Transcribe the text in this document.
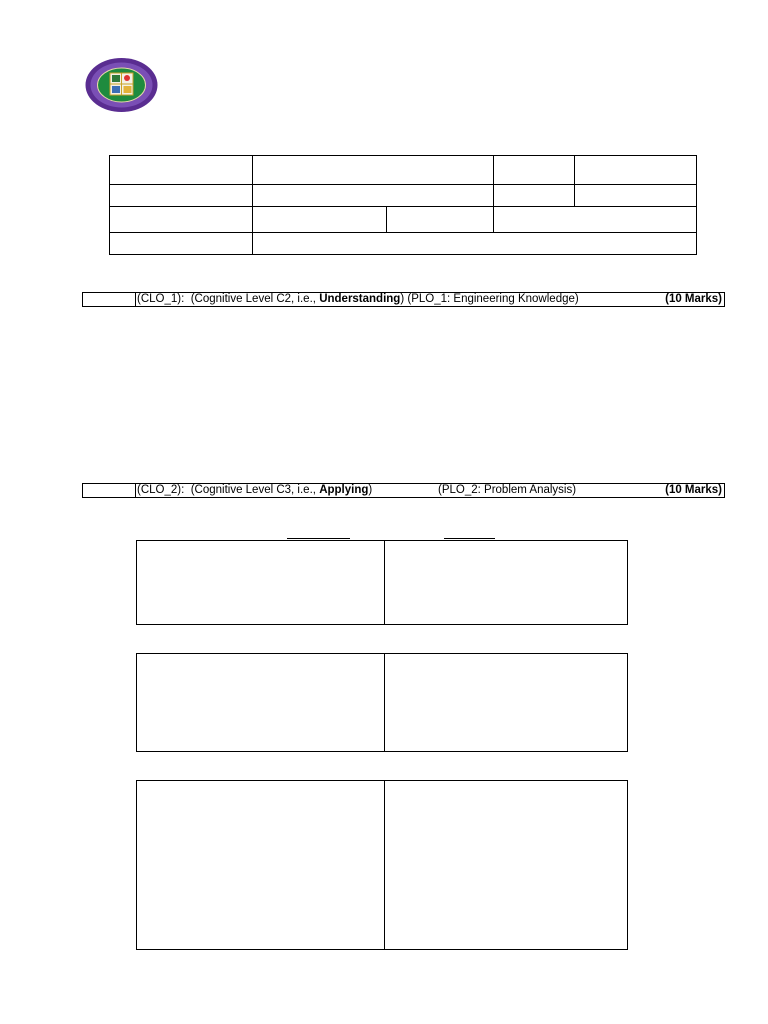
(CLO_1): (Cognitive Level C2, i.e., Understanding) (PLO_1: Engineering Knowledge)	(10 Marks)
(CLO_2): (Cognitive Level C3, i.e., Applying)	(PLO_2: Problem Analysis)	(10 Marks)
